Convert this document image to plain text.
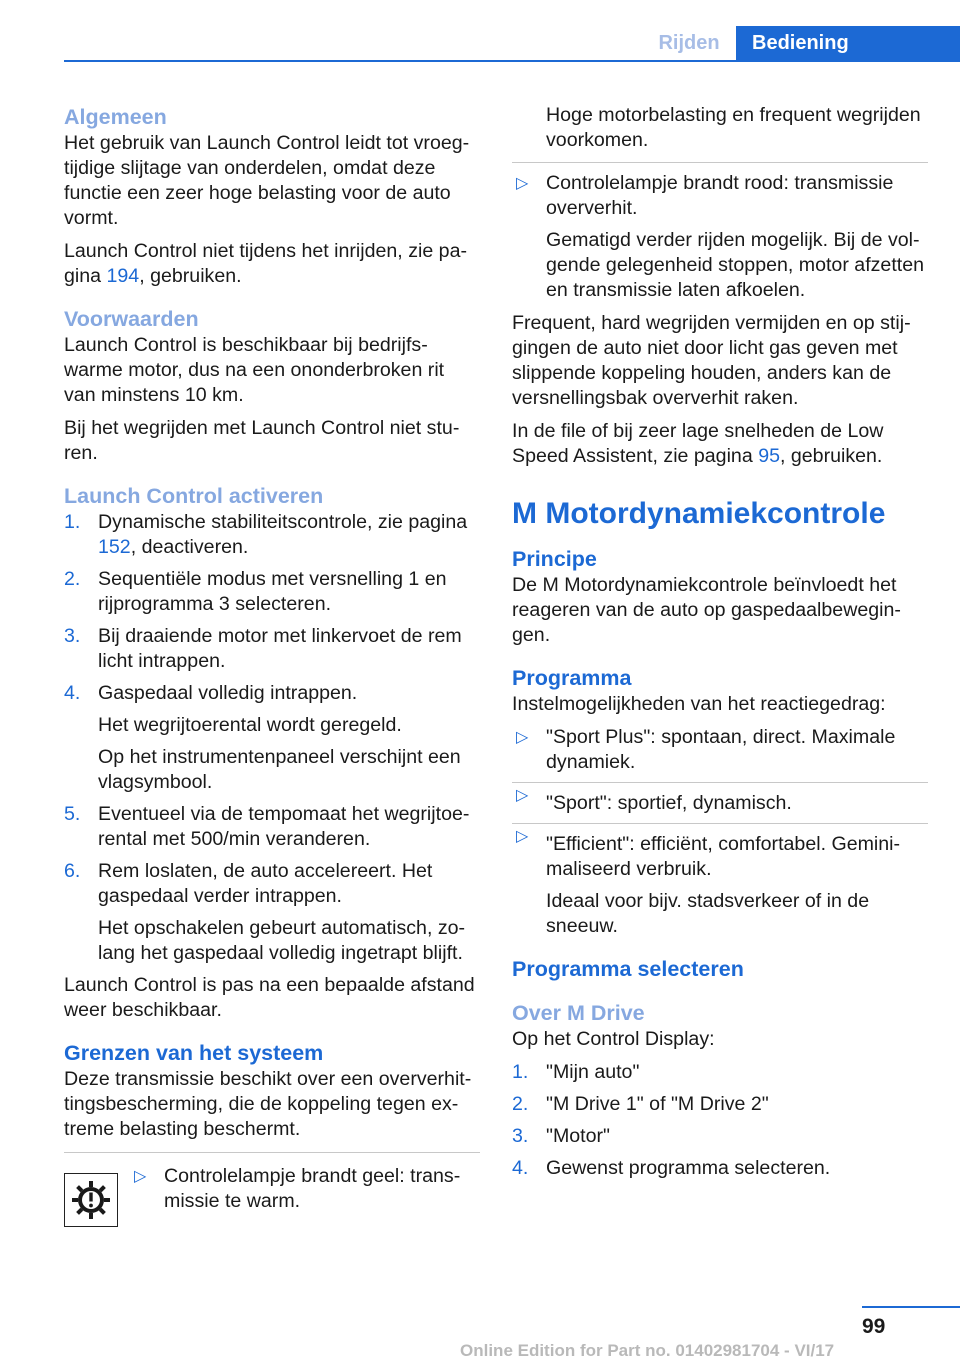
Rijden	Bediening
Algemeen

Het gebruik van Launch Control leidt tot vroegtijdige slijtage van onderdelen, omdat deze functie een zeer hoge belasting voor de auto vormt.

Launch Control niet tijdens het inrijden, zie pagina 194, gebruiken.

Voorwaarden

Launch Control is beschikbaar bij bedrijfswarme motor, dus na een ononderbroken rit van minstens 10 km.

Bij het wegrijden met Launch Control niet sturen.

Launch Control activeren
1. Dynamische stabiliteitscontrole, zie pagina 152, deactiveren.
2. Sequentiële modus met versnelling 1 en rijprogramma 3 selecteren.
3. Bij draaiende motor met linkervoet de rem licht intrappen.
4. Gaspedaal volledig intrappen.

Het wegrijtoerental wordt geregeld.

Op het instrumentenpaneel verschijnt een vlagsymbool.

5. Eventueel via de tempomaat het wegrijtoerental met 500/min veranderen.
6. Rem loslaten, de auto accelereert. Het gaspedaal verder intrappen.

Het opschakelen gebeurt automatisch, zolang het gaspedaal volledig ingetrapt blijft.

Launch Control is pas na een bepaalde afstand weer beschikbaar.

Grenzen van het systeem

Deze transmissie beschikt over een oververhittingsbescherming, die de koppeling tegen extreme belasting beschermt.

▷ Controlelampje brandt geel: transmissie te warm.
Hoge motorbelasting en frequent wegrijden voorkomen.
▷ Controlelampje brandt rood: transmissie oververhit.

Gematigd verder rijden mogelijk. Bij de volgende gelegenheid stoppen, motor afzetten en transmissie laten afkoelen.

Frequent, hard wegrijden vermijden en op stijgingen de auto niet door licht gas geven met slippende koppeling houden, anders kan de versnellingsbak oververhit raken.

In de file of bij zeer lage snelheden de Low Speed Assistent, zie pagina 95, gebruiken.

M Motordynamiekcontrole
Principe

De M Motordynamiekcontrole beïnvloedt het reageren van de auto op gaspedaalbewegingen.

Programma

Instelmogelijkheden van het reactiegedrag:

▷ "Sport Plus": spontaan, direct. Maximale dynamiek.
▷ "Sport": sportief, dynamisch.
▷ "Efficient": efficiënt, comfortabel. Geminimaliseerd verbruik.

Ideaal voor bijv. stadsverkeer of in de sneeuw.

Programma selecteren
Over M Drive

Op het Control Display:

1. "Mijn auto"
2. "M Drive 1" of "M Drive 2"
3. "Motor"
4. Gewenst programma selecteren.
99
Online Edition for Part no. 01402981704 - VI/17
